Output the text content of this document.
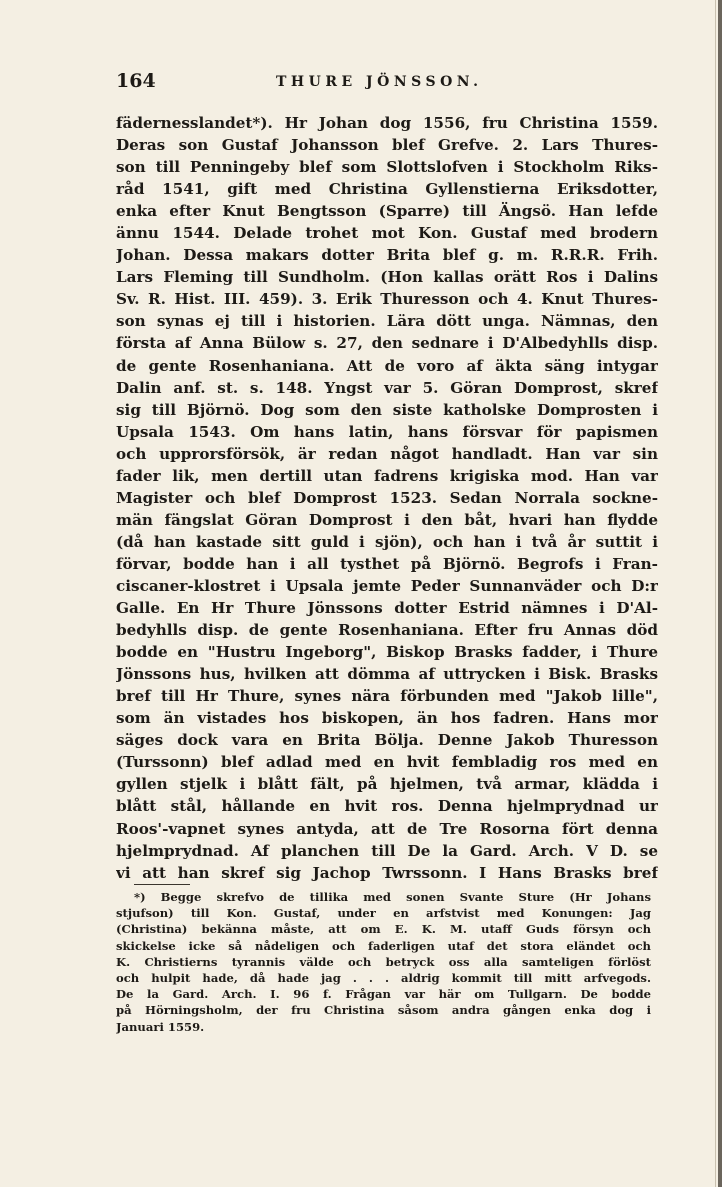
164	THURE JÖNSSON.
fädernesslandet*). Hr Johan dog 1556, fru Christina 1559.
Deras son Gustaf Johansson blef Grefve. 2. Lars Thures-
son till Penningeby blef som Slottslofven i Stockholm Riks-
råd 1541, gift med Christina Gyllenstierna Eriksdotter,
enka efter Knut Bengtsson (Sparre) till Ängsö. Han lefde
ännu 1544. Delade trohet mot Kon. Gustaf med brodern
Johan. Dessa makars dotter Brita blef g. m. R.R.R. Frih.
Lars Fleming till Sundholm. (Hon kallas orätt Ros i Dalins
Sv. R. Hist. III. 459). 3. Erik Thuresson och 4. Knut Thures-
son synas ej till i historien. Lära dött unga. Nämnas, den
första af Anna Bülow s. 27, den sednare i D'Albedyhlls disp.
de gente Rosenhaniana. Att de voro af äkta säng intygar
Dalin anf. st. s. 148. Yngst var 5. Göran Domprost, skref
sig till Björnö. Dog som den siste katholske Domprosten i
Upsala 1543. Om hans latin, hans försvar för papismen
och upprorsförsök, är redan något handladt. Han var sin
fader lik, men dertill utan fadrens krigiska mod. Han var
Magister och blef Domprost 1523. Sedan Norrala sockne-
män fängslat Göran Domprost i den båt, hvari han flydde
(då han kastade sitt guld i sjön), och han i två år suttit i
förvar, bodde han i all tysthet på Björnö. Begrofs i Fran-
ciscaner-klostret i Upsala jemte Peder Sunnanväder och D:r
Galle. En Hr Thure Jönssons dotter Estrid nämnes i D'Al-
bedyhlls disp. de gente Rosenhaniana. Efter fru Annas död
bodde en "Hustru Ingeborg", Biskop Brasks fadder, i Thure
Jönssons hus, hvilken att dömma af uttrycken i Bisk. Brasks
bref till Hr Thure, synes nära förbunden med "Jakob lille",
som än vistades hos biskopen, än hos fadren. Hans mor
säges dock vara en Brita Bölja. Denne Jakob Thuresson
(Turssonn) blef adlad med en hvit fembladig ros med en
gyllen stjelk i blått fält, på hjelmen, två armar, klädda i
blått stål, hållande en hvit ros. Denna hjelmprydnad ur
Roos'-vapnet synes antyda, att de Tre Rosorna fört denna
hjelmprydnad. Af planchen till De la Gard. Arch. V D. se
vi att han skref sig Jachop Twrssonn. I Hans Brasks bref
*) Begge skrefvo de tillika med sonen Svante Sture (Hr Johans
stjufson) till Kon. Gustaf, under en arfstvist med Konungen: Jag
(Christina) bekänna måste, att om E. K. M. utaff Guds försyn och
skickelse icke så nådeligen och faderligen utaf det stora eländet och
K. Christierns tyrannis välde och betryck oss alla samteligen förlöst
och hulpit hade, då hade jag . . . aldrig kommit till mitt arfvegods.
De la Gard. Arch. I. 96 f. Frågan var här om Tullgarn. De bodde
på Hörningsholm, der fru Christina såsom andra gången enka dog i
Januari 1559.
